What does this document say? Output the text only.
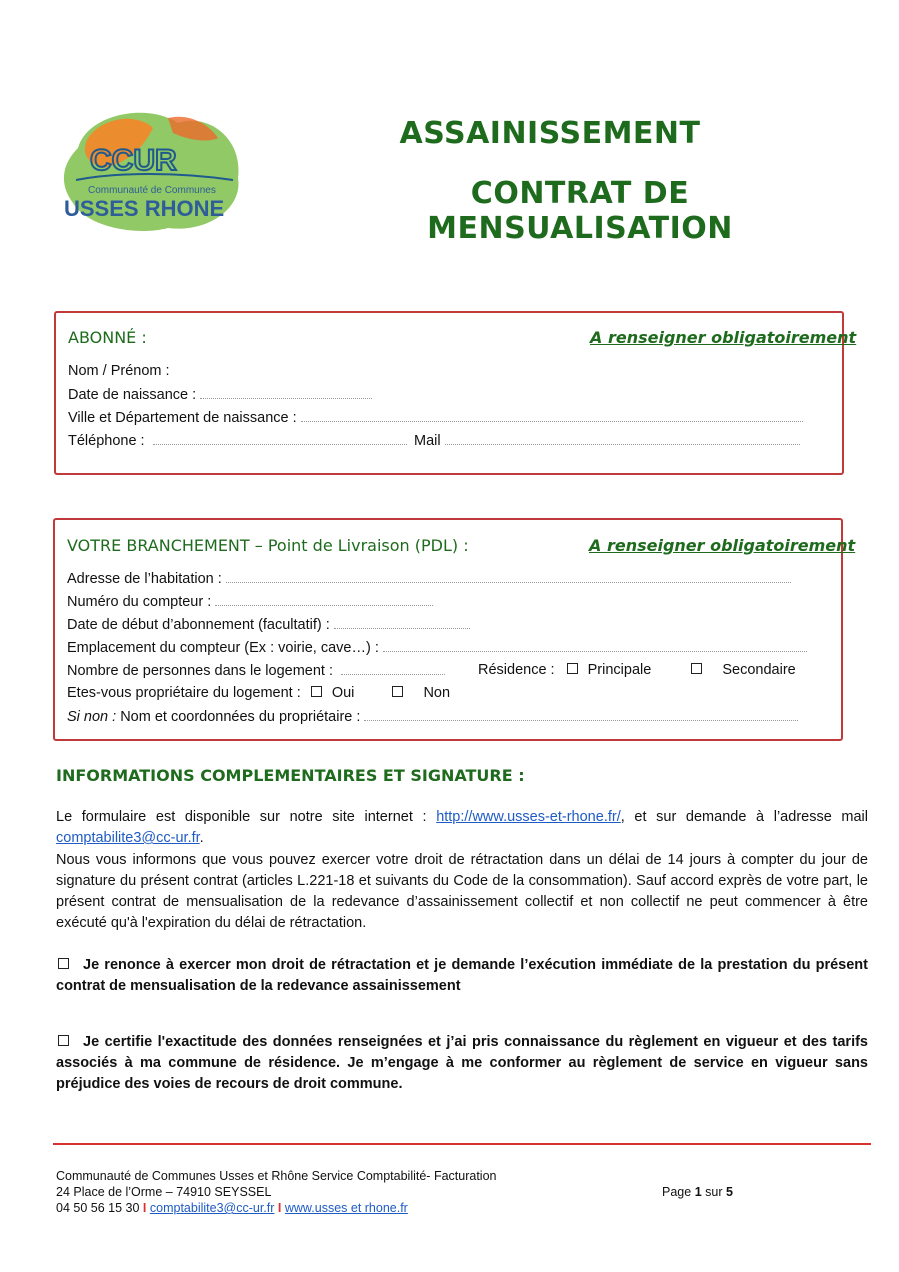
CCUR
Communauté de Communes
USSES RHONE
ASSAINISSEMENT
CONTRAT DE MENSUALISATION
ABONNÉ :	A renseigner obligatoirement
Nom / Prénom :
Date de naissance :
Ville et Département de naissance :
Téléphone :	Mail
VOTRE BRANCHEMENT – Point de Livraison (PDL) :	A renseigner obligatoirement
Adresse de l’habitation :
Numéro du compteur :
Date de début d’abonnement (facultatif) :
Emplacement du compteur (Ex : voirie, cave…) :
Nombre de personnes dans le logement :	Résidence : Principale	Secondaire
Etes-vous propriétaire du logement : Oui	Non
Si non : Nom et coordonnées du propriétaire :
INFORMATIONS COMPLEMENTAIRES ET SIGNATURE :
Le formulaire est disponible sur notre site internet : http://www.usses-et-rhone.fr/, et sur demande à l’adresse mail comptabilite3@cc-ur.fr.
Nous vous informons que vous pouvez exercer votre droit de rétractation dans un délai de 14 jours à compter du jour de signature du présent contrat (articles L.221-18 et suivants du Code de la consommation). Sauf accord exprès de votre part, le présent contrat de mensualisation de la redevance d’assainissement collectif et non collectif ne peut commencer à être exécuté qu'à l'expiration du délai de rétractation.
Je renonce à exercer mon droit de rétractation et je demande l’exécution immédiate de la prestation du présent contrat de mensualisation de la redevance assainissement
Je certifie l'exactitude des données renseignées et j’ai pris connaissance du règlement en vigueur et des tarifs associés à ma commune de résidence. Je m’engage à me conformer au règlement de service en vigueur sans préjudice des voies de recours de droit commune.
Communauté de Communes Usses et Rhône Service Comptabilité- Facturation
24 Place de l’Orme – 74910 SEYSSEL
04 50 56 15 30 I comptabilite3@cc-ur.fr I www.usses et rhone.fr
Page 1 sur 5
